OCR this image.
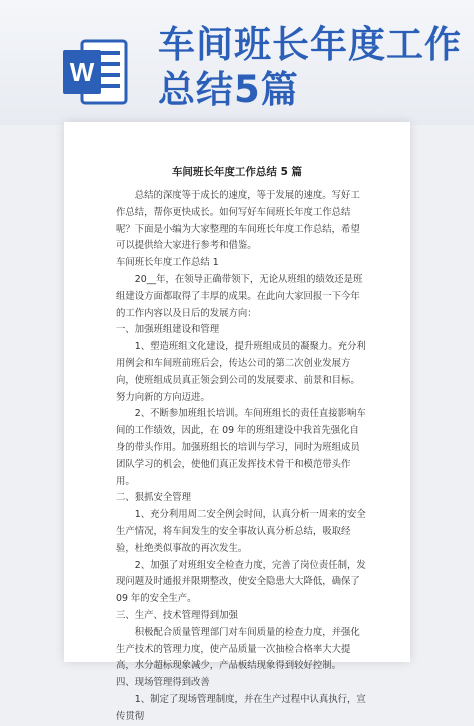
W
车间班长年度工作
总结5篇
车间班长年度工作总结 5 篇

总结的深度等于成长的速度，等于发展的速度。写好工作总结，帮你更快成长。如何写好车间班长年度工作总结呢？下面是小编为大家整理的车间班长年度工作总结，希望可以提供给大家进行参考和借鉴。

车间班长年度工作总结 1

20__年，在领导正确带领下，无论从班组的绩效还是班组建设方面都取得了丰厚的成果。在此向大家回报一下今年的工作内容以及日后的发展方向：

一、加强班组建设和管理

1、塑造班组文化建设，提升班组成员的凝聚力。充分利用例会和车间班前班后会，传达公司的第二次创业发展方向，使班组成员真正领会到公司的发展要求、前景和目标。努力向新的方向迈进。

2、不断参加班组长培训。车间班组长的责任直接影响车间的工作绩效，因此，在 09 年的班组建设中我首先强化自身的带头作用。加强班组长的培训与学习，同时为班组成员团队学习的机会，使他们真正发挥技术骨干和模范带头作用。

二、狠抓安全管理

1、充分利用周二安全例会时间，认真分析一周来的安全生产情况，将车间发生的安全事故认真分析总结，吸取经验，杜绝类似事故的再次发生。

2、加强了对班组安全检查力度，完善了岗位责任制，发现问题及时通报并限期整改，使安全隐患大大降低，确保了 09 年的安全生产。

三、生产、技术管理得到加强

积极配合质量管理部门对车间质量的检查力度，并强化生产技术的管理力度，使产品质量一次抽检合格率大大提高，水分超标现象减少，产品板结现象得到较好控制。

四、现场管理得到改善

1、制定了现场管理制度，并在生产过程中认真执行，宣传贯彻
